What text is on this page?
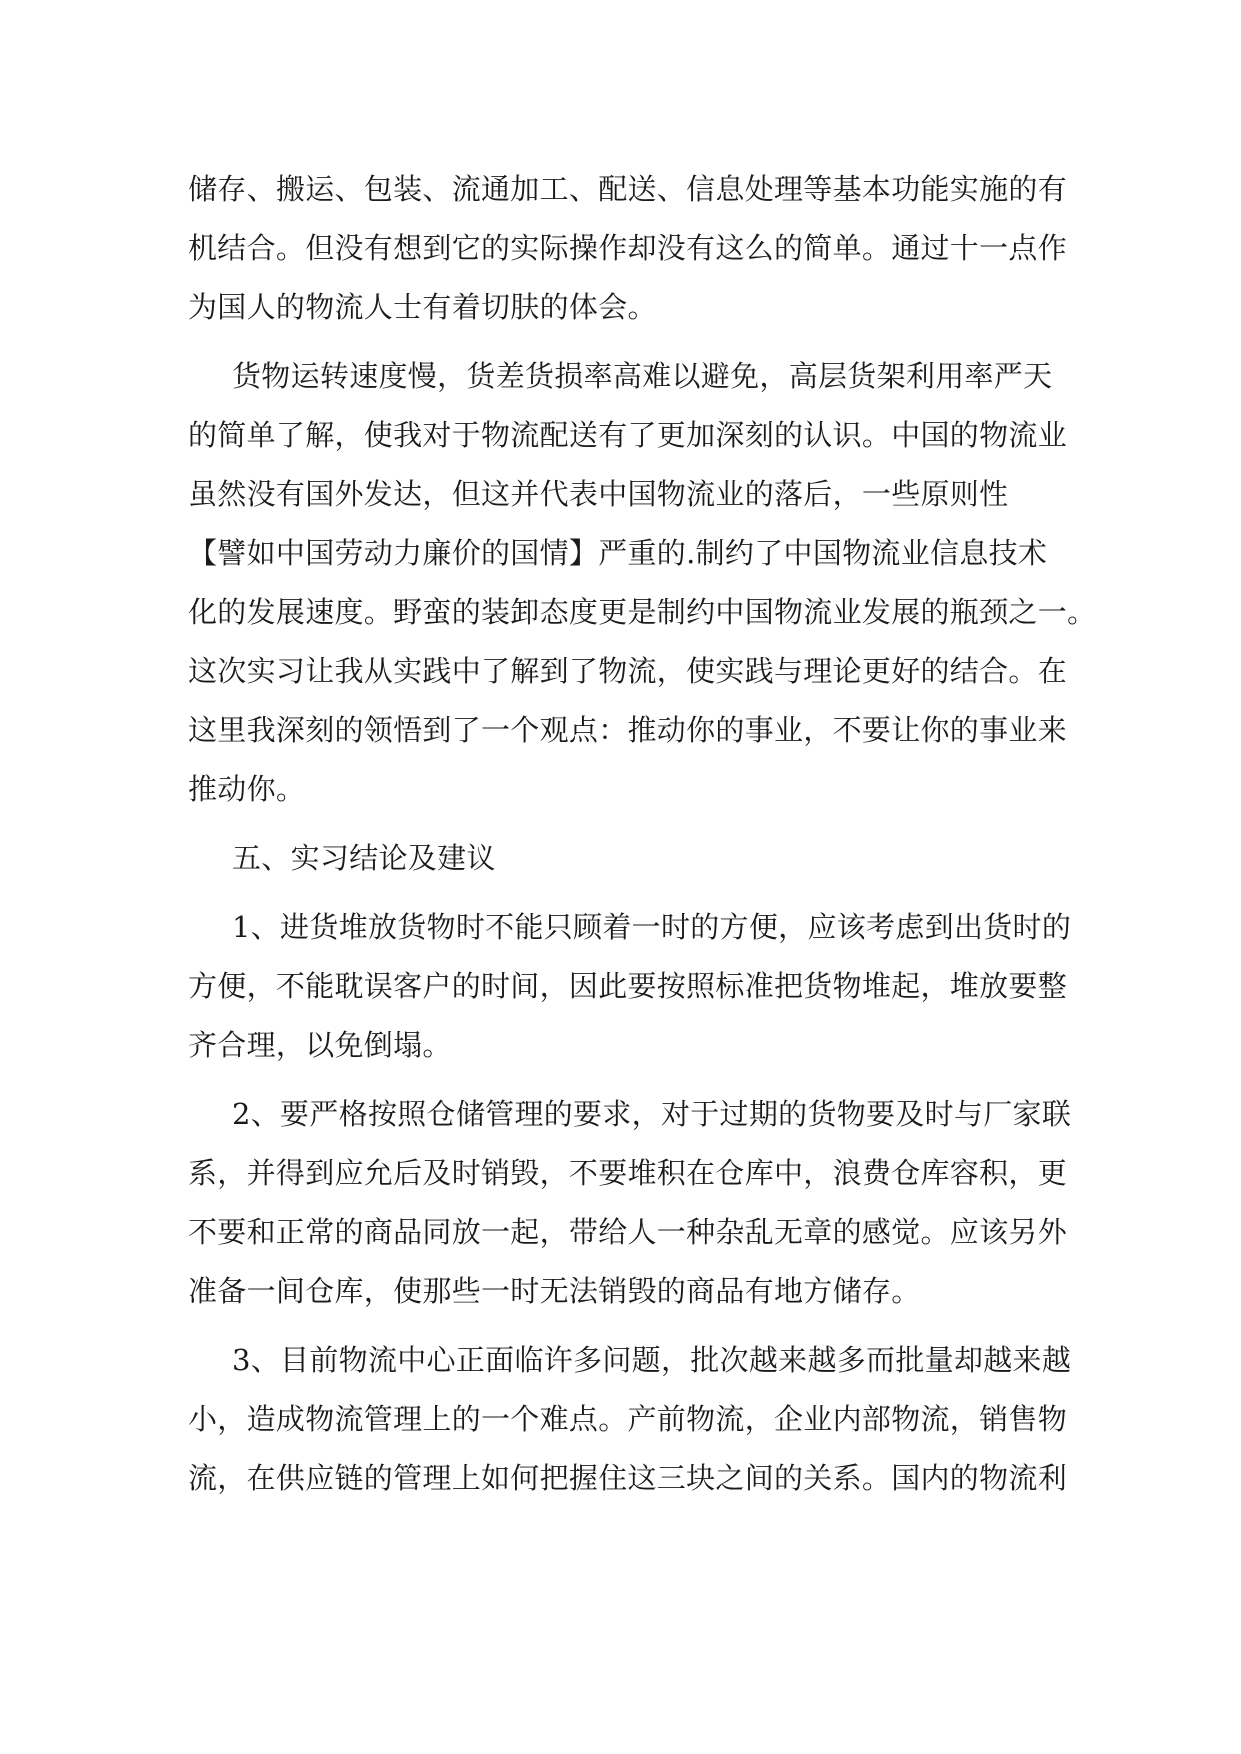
储存、搬运、包装、流通加工、配送、信息处理等基本功能实施的有

机结合。但没有想到它的实际操作却没有这么的简单。通过十一点作

为国人的物流人士有着切肤的体会。

货物运转速度慢，货差货损率高难以避免，高层货架利用率严天

的简单了解，使我对于物流配送有了更加深刻的认识。中国的物流业

虽然没有国外发达，但这并代表中国物流业的落后，一些原则性

【譬如中国劳动力廉价的国情】严重的.制约了中国物流业信息技术

化的发展速度。野蛮的装卸态度更是制约中国物流业发展的瓶颈之一。

这次实习让我从实践中了解到了物流，使实践与理论更好的结合。在

这里我深刻的领悟到了一个观点：推动你的事业，不要让你的事业来

推动你。

五、实习结论及建议

1、进货堆放货物时不能只顾着一时的方便，应该考虑到出货时的

方便，不能耽误客户的时间，因此要按照标准把货物堆起，堆放要整

齐合理，以免倒塌。

2、要严格按照仓储管理的要求，对于过期的货物要及时与厂家联

系，并得到应允后及时销毁，不要堆积在仓库中，浪费仓库容积，更

不要和正常的商品同放一起，带给人一种杂乱无章的感觉。应该另外

准备一间仓库，使那些一时无法销毁的商品有地方储存。

3、目前物流中心正面临许多问题，批次越来越多而批量却越来越

小，造成物流管理上的一个难点。产前物流，企业内部物流，销售物

流，在供应链的管理上如何把握住这三块之间的关系。国内的物流利
